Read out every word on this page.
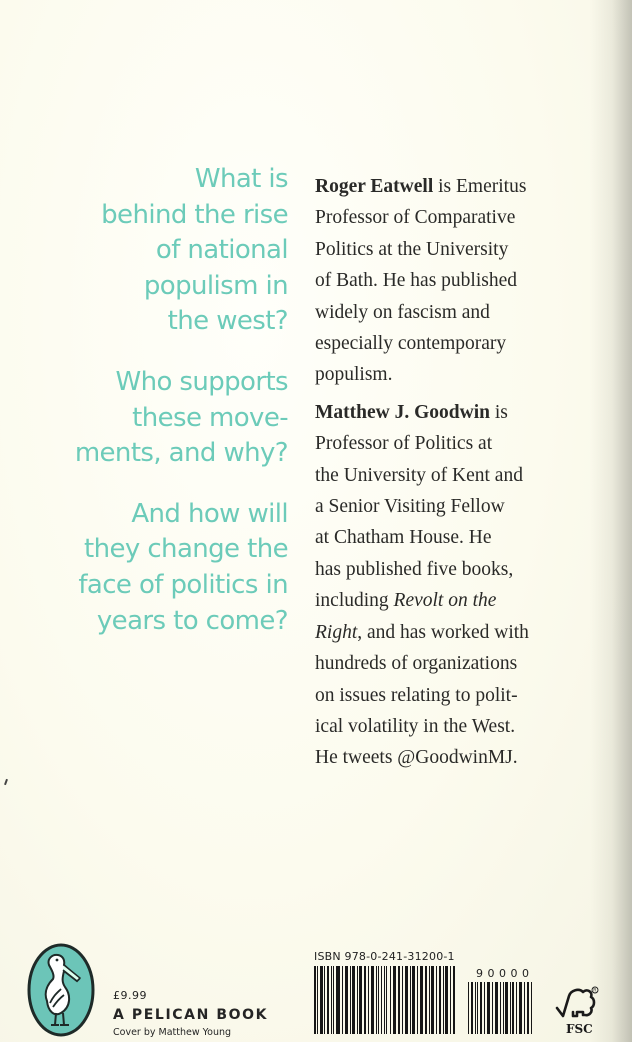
What is
behind the rise
of national
populism in
the west?
Who supports
these move-
ments, and why?
And how will
they change the
face of politics in
years to come?
Roger Eatwell is Emeritus
Professor of Comparative
Politics at the University
of Bath. He has published
widely on fascism and
especially contemporary
populism.
Matthew J. Goodwin is
Professor of Politics at
the University of Kent and
a Senior Visiting Fellow
at Chatham House. He
has published five books,
including Revolt on the
Right, and has worked with
hundreds of organizations
on issues relating to polit-
ical volatility in the West.
He tweets @GoodwinMJ.
£9.99
A PELICAN BOOK
Cover by Matthew Young
ISBN 978-0-241-31200-1
90000
R
FSC
